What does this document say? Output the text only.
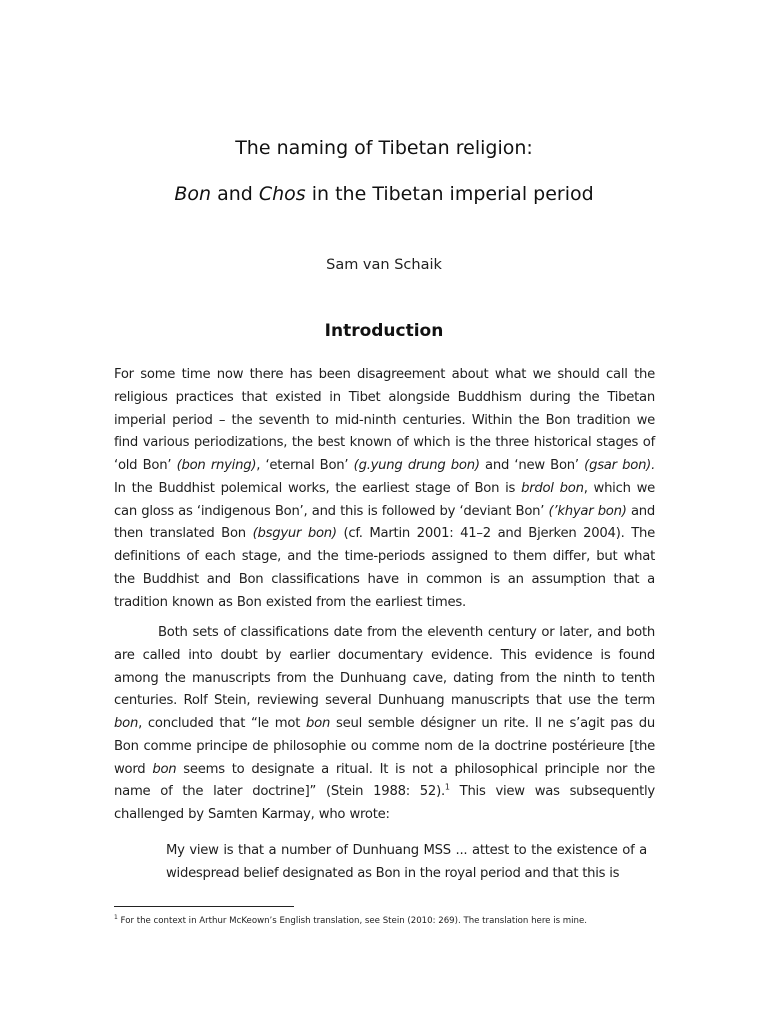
The naming of Tibetan religion:
Bon and Chos in the Tibetan imperial period
Sam van Schaik
Introduction

For some time now there has been disagreement about what we should call the religious practices that existed in Tibet alongside Buddhism during the Tibetan imperial period – the seventh to mid-ninth centuries. Within the Bon tradition we find various periodizations, the best known of which is the three historical stages of ‘old Bon’ (bon rnying), ‘eternal Bon’ (g.yung drung bon) and ‘new Bon’ (gsar bon). In the Buddhist polemical works, the earliest stage of Bon is brdol bon, which we can gloss as ‘indigenous Bon’, and this is followed by ‘deviant Bon’ (’khyar bon) and then translated Bon (bsgyur bon) (cf. Martin 2001: 41–2 and Bjerken 2004). The definitions of each stage, and the time-periods assigned to them differ, but what the Buddhist and Bon classifications have in common is an assumption that a tradition known as Bon existed from the earliest times.

Both sets of classifications date from the eleventh century or later, and both are called into doubt by earlier documentary evidence. This evidence is found among the manuscripts from the Dunhuang cave, dating from the ninth to tenth centuries. Rolf Stein, reviewing several Dunhuang manuscripts that use the term bon, concluded that “le mot bon seul semble désigner un rite. Il ne s’agit pas du Bon comme principe de philosophie ou comme nom de la doctrine postérieure [the word bon seems to designate a ritual. It is not a philosophical principle nor the name of the later doctrine]” (Stein 1988: 52).$^1$ This view was subsequently challenged by Samten Karmay, who wrote:

My view is that a number of Dunhuang MSS ... attest to the existence of a widespread belief designated as Bon in the royal period and that this is

$^1$ For the context in Arthur McKeown’s English translation, see Stein (2010: 269). The translation here is mine.
